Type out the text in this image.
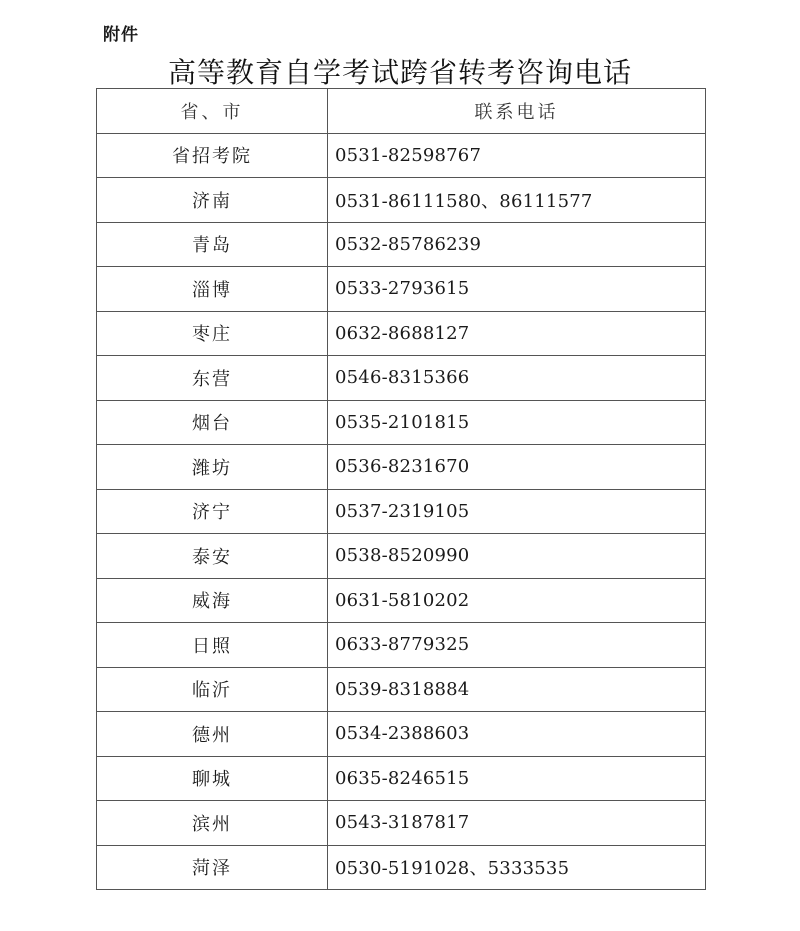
附件
高等教育自学考试跨省转考咨询电话
省、市	联系电话
省招考院	0531-82598767
济南	0531-86111580、86111577
青岛	0532-85786239
淄博	0533-2793615
枣庄	0632-8688127
东营	0546-8315366
烟台	0535-2101815
潍坊	0536-8231670
济宁	0537-2319105
泰安	0538-8520990
威海	0631-5810202
日照	0633-8779325
临沂	0539-8318884
德州	0534-2388603
聊城	0635-8246515
滨州	0543-3187817
菏泽	0530-5191028、5333535
